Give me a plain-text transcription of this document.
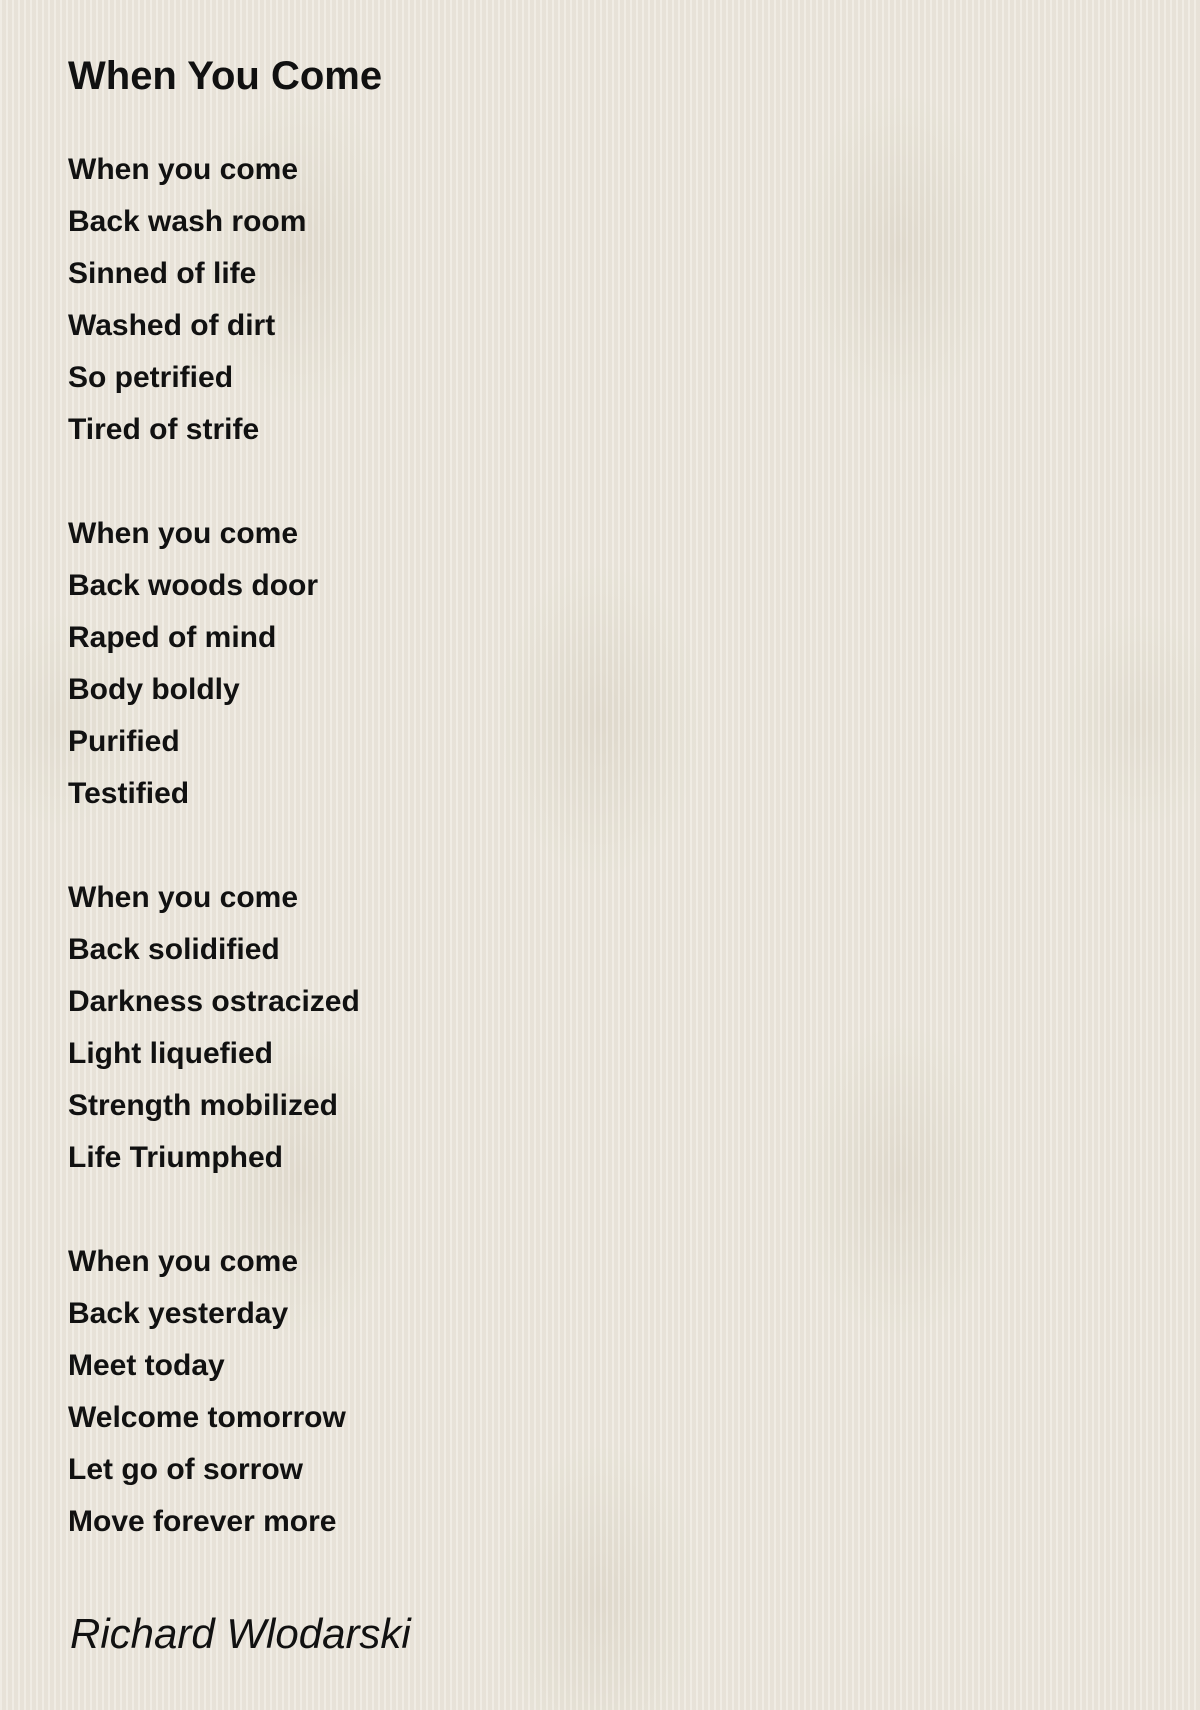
When You Come
When you come
Back wash room
Sinned of life
Washed of dirt
So petrified
Tired of strife
When you come
Back woods door
Raped of mind
Body boldly
Purified
Testified
When you come
Back solidified
Darkness ostracized
Light liquefied
Strength mobilized
Life Triumphed
When you come
Back yesterday
Meet today
Welcome tomorrow
Let go of sorrow
Move forever more
Richard Wlodarski
